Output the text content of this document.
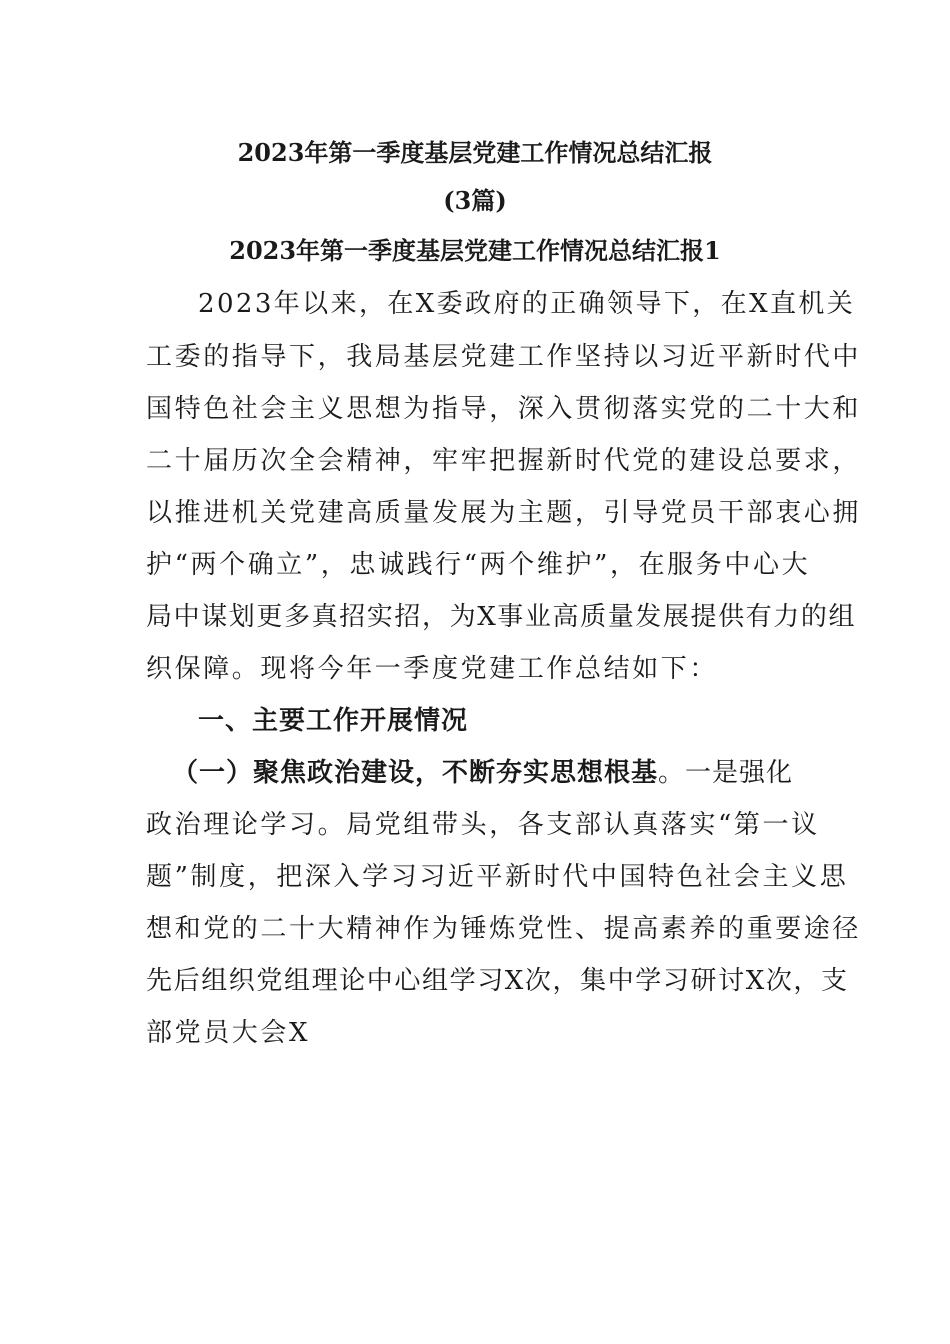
2023年第一季度基层党建工作情况总结汇报
(3篇)
2023年第一季度基层党建工作情况总结汇报1
2023年以来，在X委政府的正确领导下，在X直机关
工委的指导下，我局基层党建工作坚持以习近平新时代中
国特色社会主义思想为指导，深入贯彻落实党的二十大和
二十届历次全会精神，牢牢把握新时代党的建设总要求，
以推进机关党建高质量发展为主题，引导党员干部衷心拥
护“两个确立”，忠诚践行“两个维护”，在服务中心大
局中谋划更多真招实招，为X事业高质量发展提供有力的组
织保障。现将今年一季度党建工作总结如下：
一、主要工作开展情况
（一）聚焦政治建设，不断夯实思想根基。一是强化
政治理论学习。局党组带头，各支部认真落实“第一议
题”制度，把深入学习习近平新时代中国特色社会主义思
想和党的二十大精神作为锤炼党性、提高素养的重要途径
先后组织党组理论中心组学习X次，集中学习研讨X次，支
部党员大会X
